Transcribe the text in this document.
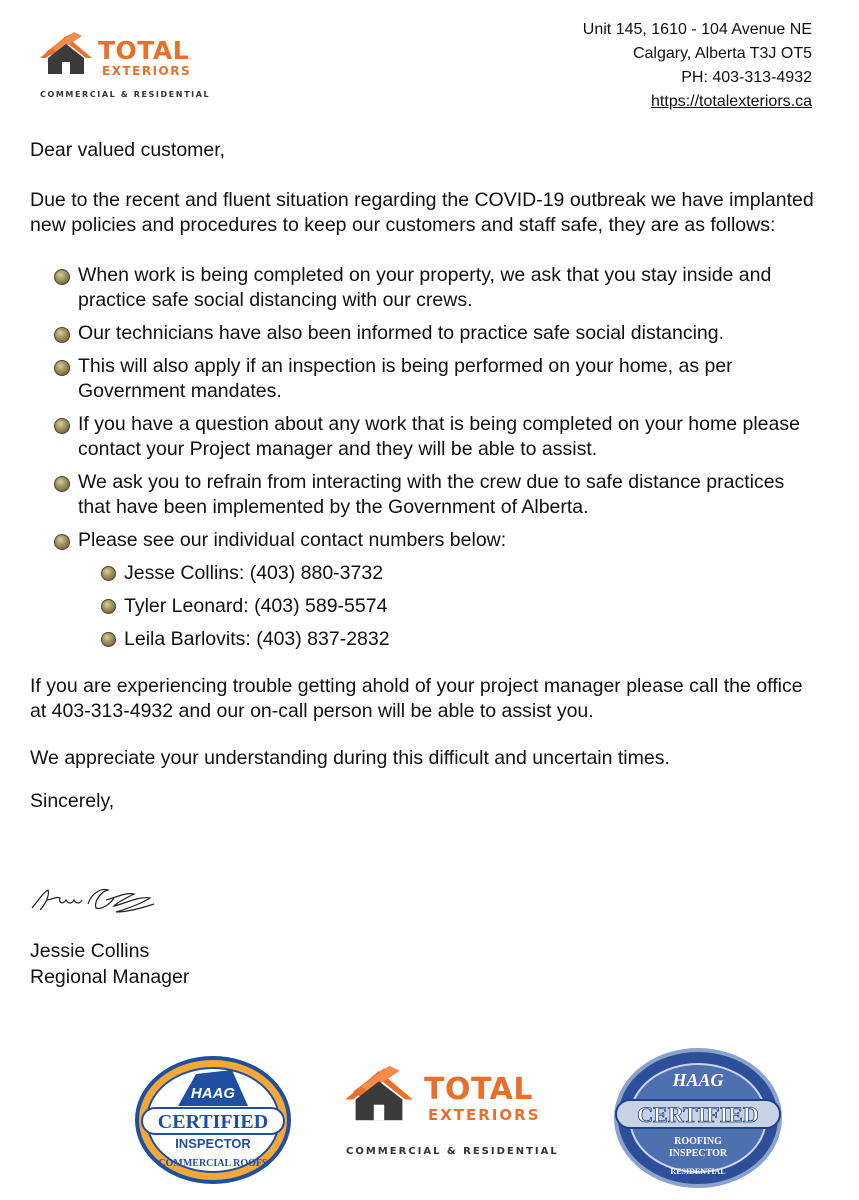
TOTAL
EXTERIORS
COMMERCIAL & RESIDENTIAL
Unit 145, 1610 - 104 Avenue NE
Calgary, Alberta T3J OT5
PH: 403-313-4932
https://totalexteriors.ca

Dear valued customer,

Due to the recent and fluent situation regarding the COVID-19 outbreak we have implanted new policies and procedures to keep our customers and staff safe, they are as follows:

When work is being completed on your property, we ask that you stay inside and practice safe social distancing with our crews.
Our technicians have also been informed to practice safe social distancing.
This will also apply if an inspection is being performed on your home, as per Government mandates.
If you have a question about any work that is being completed on your home please contact your Project manager and they will be able to assist.
We ask you to refrain from interacting with the crew due to safe distance practices that have been implemented by the Government of Alberta.
Please see our individual contact numbers below:
Jesse Collins: (403) 880-3732
Tyler Leonard: (403) 589-5574
Leila Barlovits: (403) 837-2832

If you are experiencing trouble getting ahold of your project manager please call the office at 403-313-4932 and our on-call person will be able to assist you.

We appreciate your understanding during this difficult and uncertain times.

Sincerely,

Jessie Collins
Regional Manager
HAAG
CERTIFIED
INSPECTOR
COMMERCIAL ROOFS
TOTAL
EXTERIORS
COMMERCIAL & RESIDENTIAL
HAAG
CERTIFIED
ROOFING
INSPECTOR
RESIDENTIAL
